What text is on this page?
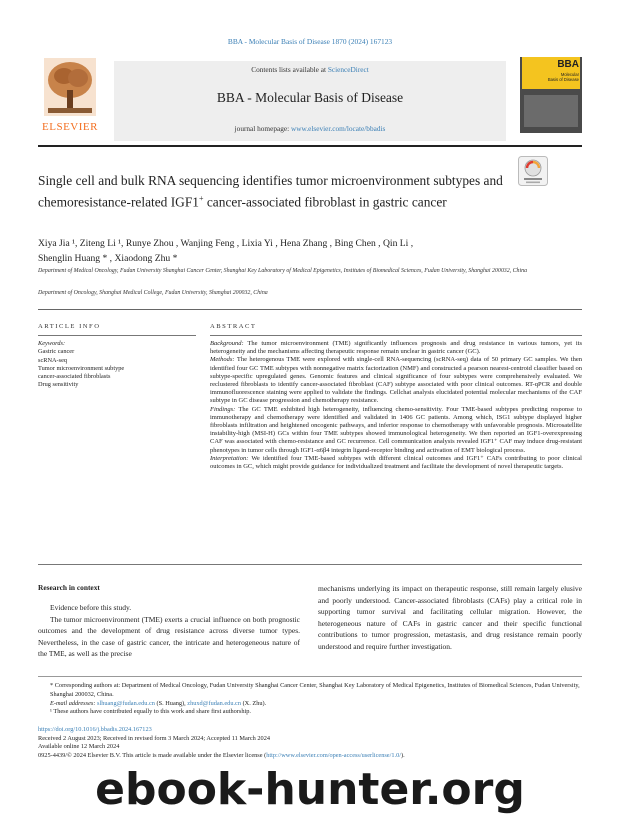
BBA - Molecular Basis of Disease 1870 (2024) 167123
ELSEVIER
Contents lists available at ScienceDirect
BBA - Molecular Basis of Disease
journal homepage: www.elsevier.com/locate/bbadis
BBA
Molecular
Basis of Disease
Single cell and bulk RNA sequencing identifies tumor microenvironment subtypes and chemoresistance-related IGF1+ cancer-associated fibroblast in gastric cancer
Xiya Jia ¹, Ziteng Li ¹, Runye Zhou , Wanjing Feng , Lixia Yi , Hena Zhang , Bing Chen , Qin Li ,
Shenglin Huang * , Xiaodong Zhu *
Department of Medical Oncology, Fudan University Shanghai Cancer Center, Shanghai Key Laboratory of Medical Epigenetics, Institutes of Biomedical Sciences, Fudan University, Shanghai 200032, China
Department of Oncology, Shanghai Medical College, Fudan University, Shanghai 200032, China
ARTICLE INFO	ABSTRACT
Keywords:
Gastric cancer
scRNA-seq
Tumor microenvironment subtype
cancer-associated fibroblasts
Drug sensitivity

Background: The tumor microenvironment (TME) significantly influences prognosis and drug resistance in various tumors, yet its heterogeneity and the mechanisms affecting therapeutic response remain unclear in gastric cancer (GC).

Methods: The heterogenous TME were explored with single-cell RNA-sequencing (scRNA-seq) data of 50 primary GC samples. We then identified four GC TME subtypes with nonnegative matrix factorization (NMF) and constructed a pearson nearest-centroid classifier based on subtype-specific upregulated genes. Genomic features and clinical significance of four subtypes were comprehensively evaluated. We reclustered fibroblasts to identify cancer-associated fibroblast (CAF) subtype associated with poor clinical outcomes. RT-qPCR and double immunofluorescence staining were applied to validate the findings. Cellchat analysis elucidated potential molecular mechanisms of the CAF subtype in GC disease progression and chemotherapy resistance.

Findings: The GC TME exhibited high heterogeneity, influencing chemo-sensitivity. Four TME-based subtypes predicting response to immunotherapy and chemotherapy were identified and validated in 1406 GC patients. Among which, ISG1 subtype displayed higher fibroblasts infiltration and heightened oncogenic pathways, and inferior response to chemotherapy with unfavorable prognosis. Microsatellite instability-high (MSI-H) GCs within four TME subtypes showed immunological heterogeneity. We then reported an IGF1-overexpressing CAF was associated with chemo-resistance and GC recurrence. Cell communication analysis revealed IGF1⁺ CAF may induce drug-resistant phenotypes in tumor cells through IGF1-α6β4 integrin ligand-receptor binding and activation of EMT biological process.

Interpretation: We identified four TME-based subtypes with different clinical outcomes and IGF1⁺ CAFs contributing to poor clinical outcomes in GC, which might provide guidance for individualized treatment and facilitate the development of novel therapeutic targets.

Research in context

Evidence before this study.

The tumor microenvironment (TME) exerts a crucial influence on both prognostic outcomes and the development of drug resistance across diverse tumor types. Nevertheless, in the case of gastric cancer, the intricate and heterogeneous nature of the TME, as well as the precise

mechanisms underlying its impact on therapeutic response, still remain largely elusive and poorly understood. Cancer-associated fibroblasts (CAFs) play a critical role in supporting tumor survival and facilitating cellular migration. However, the heterogeneous nature of CAFs in gastric cancer and their specific functional contributions to tumor progression, metastasis, and drug resistance remain poorly understood and require further investigation.

* Corresponding authors at: Department of Medical Oncology, Fudan University Shanghai Cancer Center, Shanghai Key Laboratory of Medical Epigenetics, Institutes of Biomedical Sciences, Fudan University, Shanghai 200032, China.

E-mail addresses: slhuang@fudan.edu.cn (S. Huang), zhuxd@fudan.edu.cn (X. Zhu).

¹ These authors have contributed equally to this work and share first authorship.

https://doi.org/10.1016/j.bbadis.2024.167123

Received 2 August 2023; Received in revised form 3 March 2024; Accepted 11 March 2024

Available online 12 March 2024

0925-4439/© 2024 Elsevier B.V. This article is made available under the Elsevier license (http://www.elsevier.com/open-access/userlicense/1.0/).

ebook-hunter.org
